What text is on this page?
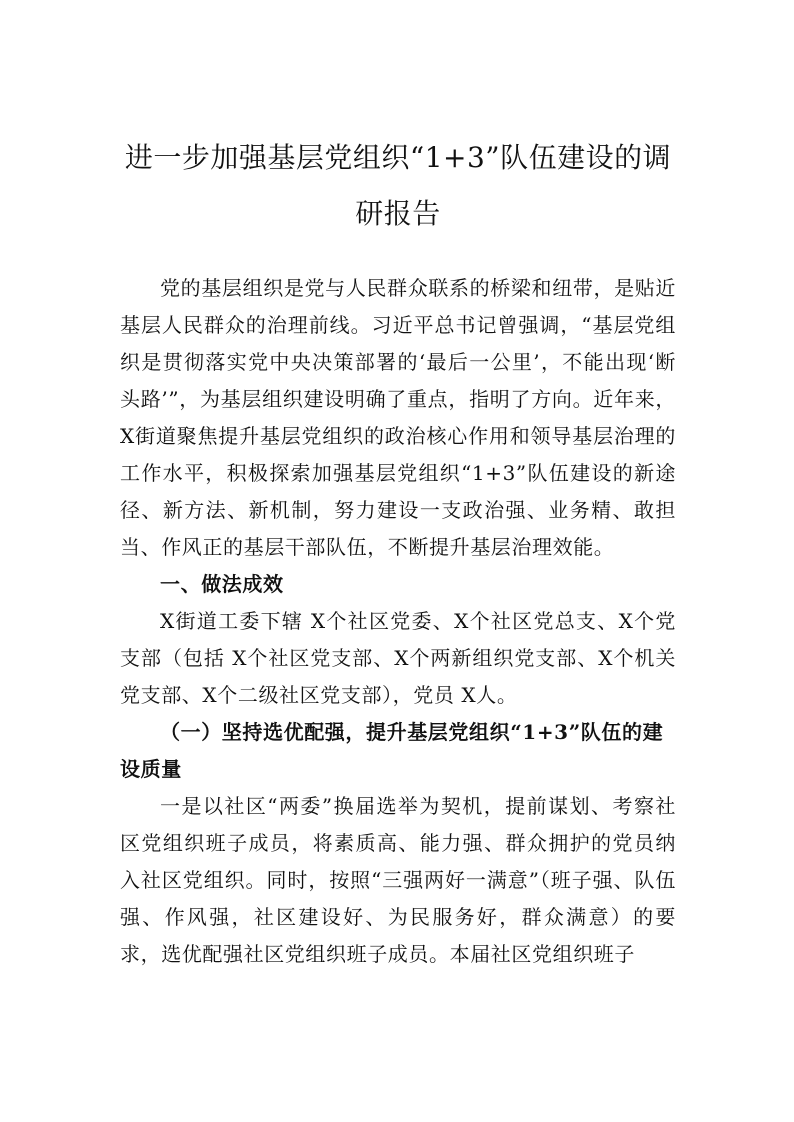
进一步加强基层党组织“1+3”队伍建设的调
研报告

党的基层组织是党与人民群众联系的桥梁和纽带，是贴近基层人民群众的治理前线。习近平总书记曾强调，“基层党组织是贯彻落实党中央决策部署的‘最后一公里’，不能出现‘断头路’”，为基层组织建设明确了重点，指明了方向。近年来，X街道聚焦提升基层党组织的政治核心作用和领导基层治理的工作水平，积极探索加强基层党组织“1+3”队伍建设的新途径、新方法、新机制，努力建设一支政治强、业务精、敢担当、作风正的基层干部队伍，不断提升基层治理效能。

一、做法成效

X街道工委下辖 X个社区党委、X个社区党总支、X个党支部（包括 X个社区党支部、X个两新组织党支部、X个机关党支部、X个二级社区党支部），党员 X人。

（一）坚持选优配强，提升基层党组织“1+3”队伍的建设质量

一是以社区“两委”换届选举为契机，提前谋划、考察社区党组织班子成员，将素质高、能力强、群众拥护的党员纳入社区党组织。同时，按照“三强两好一满意”（班子强、队伍强、作风强，社区建设好、为民服务好，群众满意）的要求，选优配强社区党组织班子成员。本届社区党组织班子
